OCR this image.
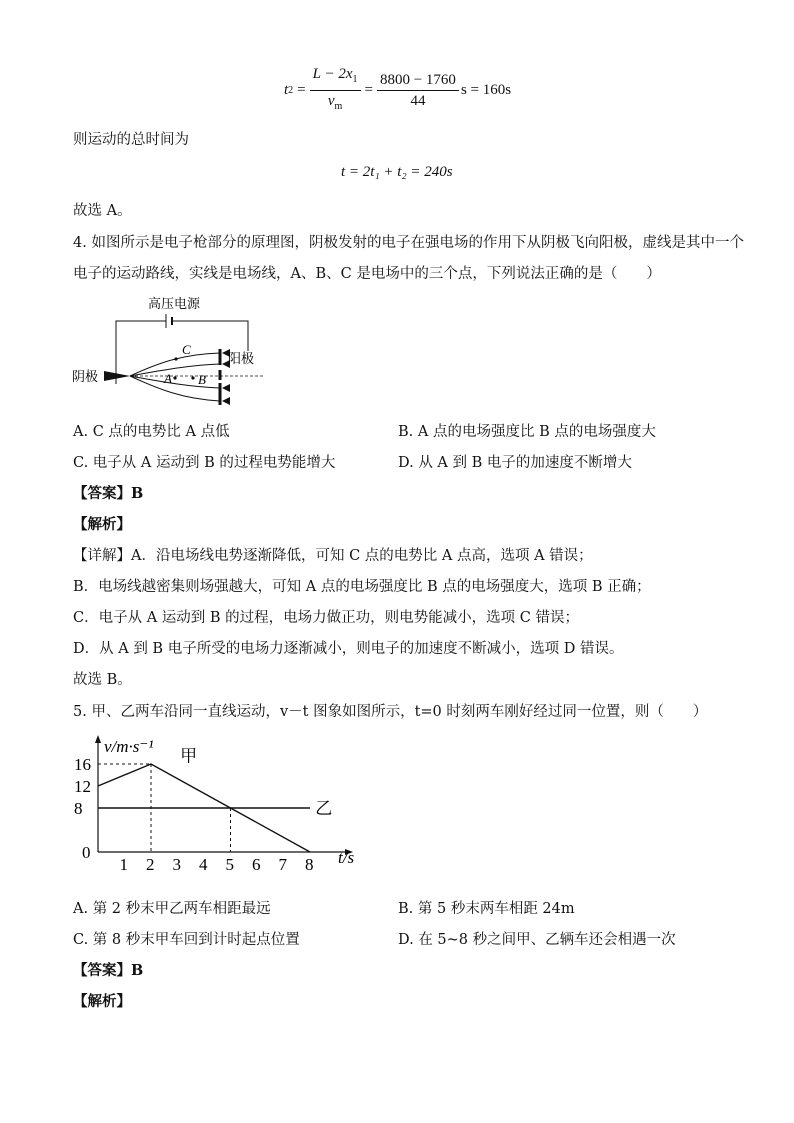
t $2 = \frac{L - 2x_1}{v_m} = \frac{8800 - 1760}{44}$ s = 160s
则运动的总时间为
t = 2t₁ + t₂ = 240s
故选 A。
4. 如图所示是电子枪部分的原理图，阴极发射的电子在强电场的作用下从阴极飞向阳极，虚线是其中一个
电子的运动路线，实线是电场线，A、B、C 是电场中的三个点，下列说法正确的是（　　）
高压电源
C
A B
阴极
阳极
A. C 点的电势比 A 点低	B. A 点的电场强度比 B 点的电场强度大
C. 电子从 A 运动到 B 的过程电势能增大	D. 从 A 到 B 电子的加速度不断增大
【答案】B
【解析】
【详解】A．沿电场线电势逐渐降低，可知 C 点的电势比 A 点高，选项 A 错误；
B．电场线越密集则场强越大，可知 A 点的电场强度比 B 点的电场强度大，选项 B 正确；
C．电子从 A 运动到 B 的过程，电场力做正功，则电势能减小，选项 C 错误；
D．从 A 到 B 电子所受的电场力逐渐减小，则电子的加速度不断减小，选项 D 错误。
故选 B。
5. 甲、乙两车沿同一直线运动，v－t 图象如图所示，t=0 时刻两车刚好经过同一位置，则（　　）
v/m·s⁻¹
t/s
1 2 3 4 5 6 7 8
16
12
8
0
甲
乙
A. 第 2 秒末甲乙两车相距最远	B. 第 5 秒末两车相距 24m
C. 第 8 秒末甲车回到计时起点位置	D. 在 5~8 秒之间甲、乙辆车还会相遇一次
【答案】B
【解析】
